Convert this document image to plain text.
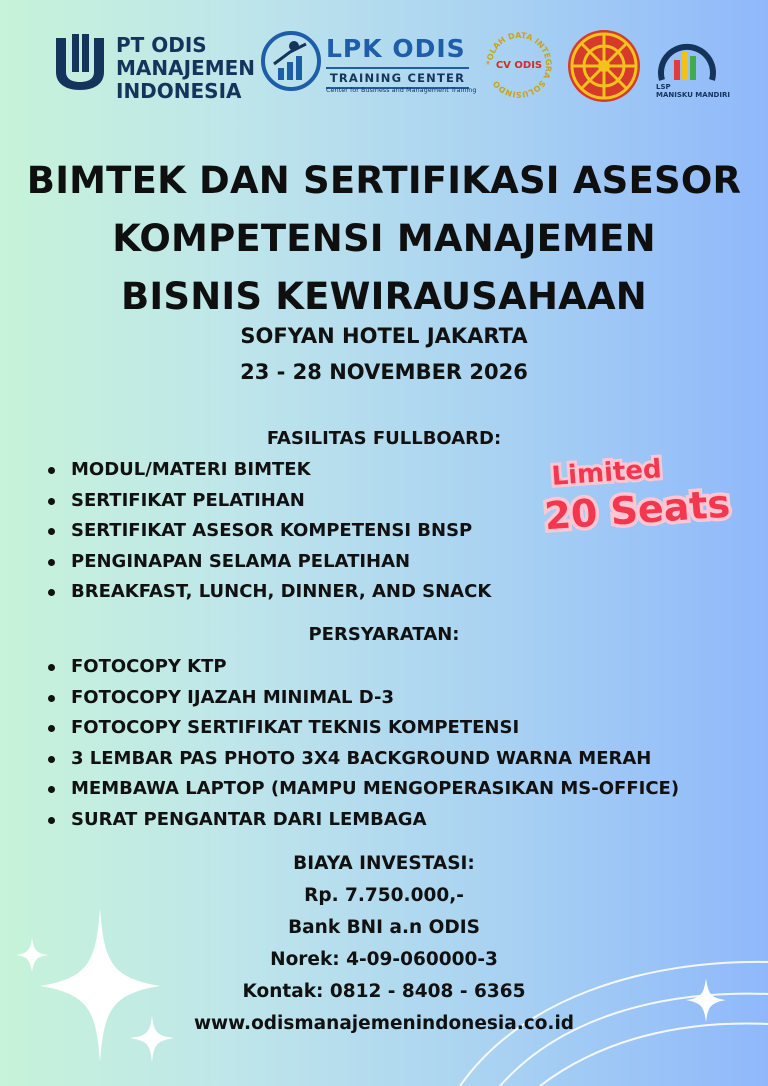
PT ODIS
MANAJEMEN
INDONESIA
LPK ODIS
TRAINING CENTER
Center for Business and Management Training
*OLAH DATA INTEGRA SOLUSINDO
CV ODIS
LSP
MANISKU MANDIRI
BIMTEK DAN SERTIFIKASI ASESOR
KOMPETENSI MANAJEMEN
BISNIS KEWIRAUSAHAAN
SOFYAN HOTEL JAKARTA
23 - 28 NOVEMBER 2026
FASILITAS FULLBOARD:
MODUL/MATERI BIMTEK
SERTIFIKAT PELATIHAN
SERTIFIKAT ASESOR KOMPETENSI BNSP
PENGINAPAN SELAMA PELATIHAN
BREAKFAST, LUNCH, DINNER, AND SNACK
Limited
20 Seats
PERSYARATAN:
FOTOCOPY KTP
FOTOCOPY IJAZAH MINIMAL D-3
FOTOCOPY SERTIFIKAT TEKNIS KOMPETENSI
3 LEMBAR PAS PHOTO 3X4 BACKGROUND WARNA MERAH
MEMBAWA LAPTOP (MAMPU MENGOPERASIKAN MS-OFFICE)
SURAT PENGANTAR DARI LEMBAGA
BIAYA INVESTASI:
Rp. 7.750.000,-
Bank BNI a.n ODIS
Norek: 4-09-060000-3
Kontak: 0812 - 8408 - 6365
www.odismanajemenindonesia.co.id
